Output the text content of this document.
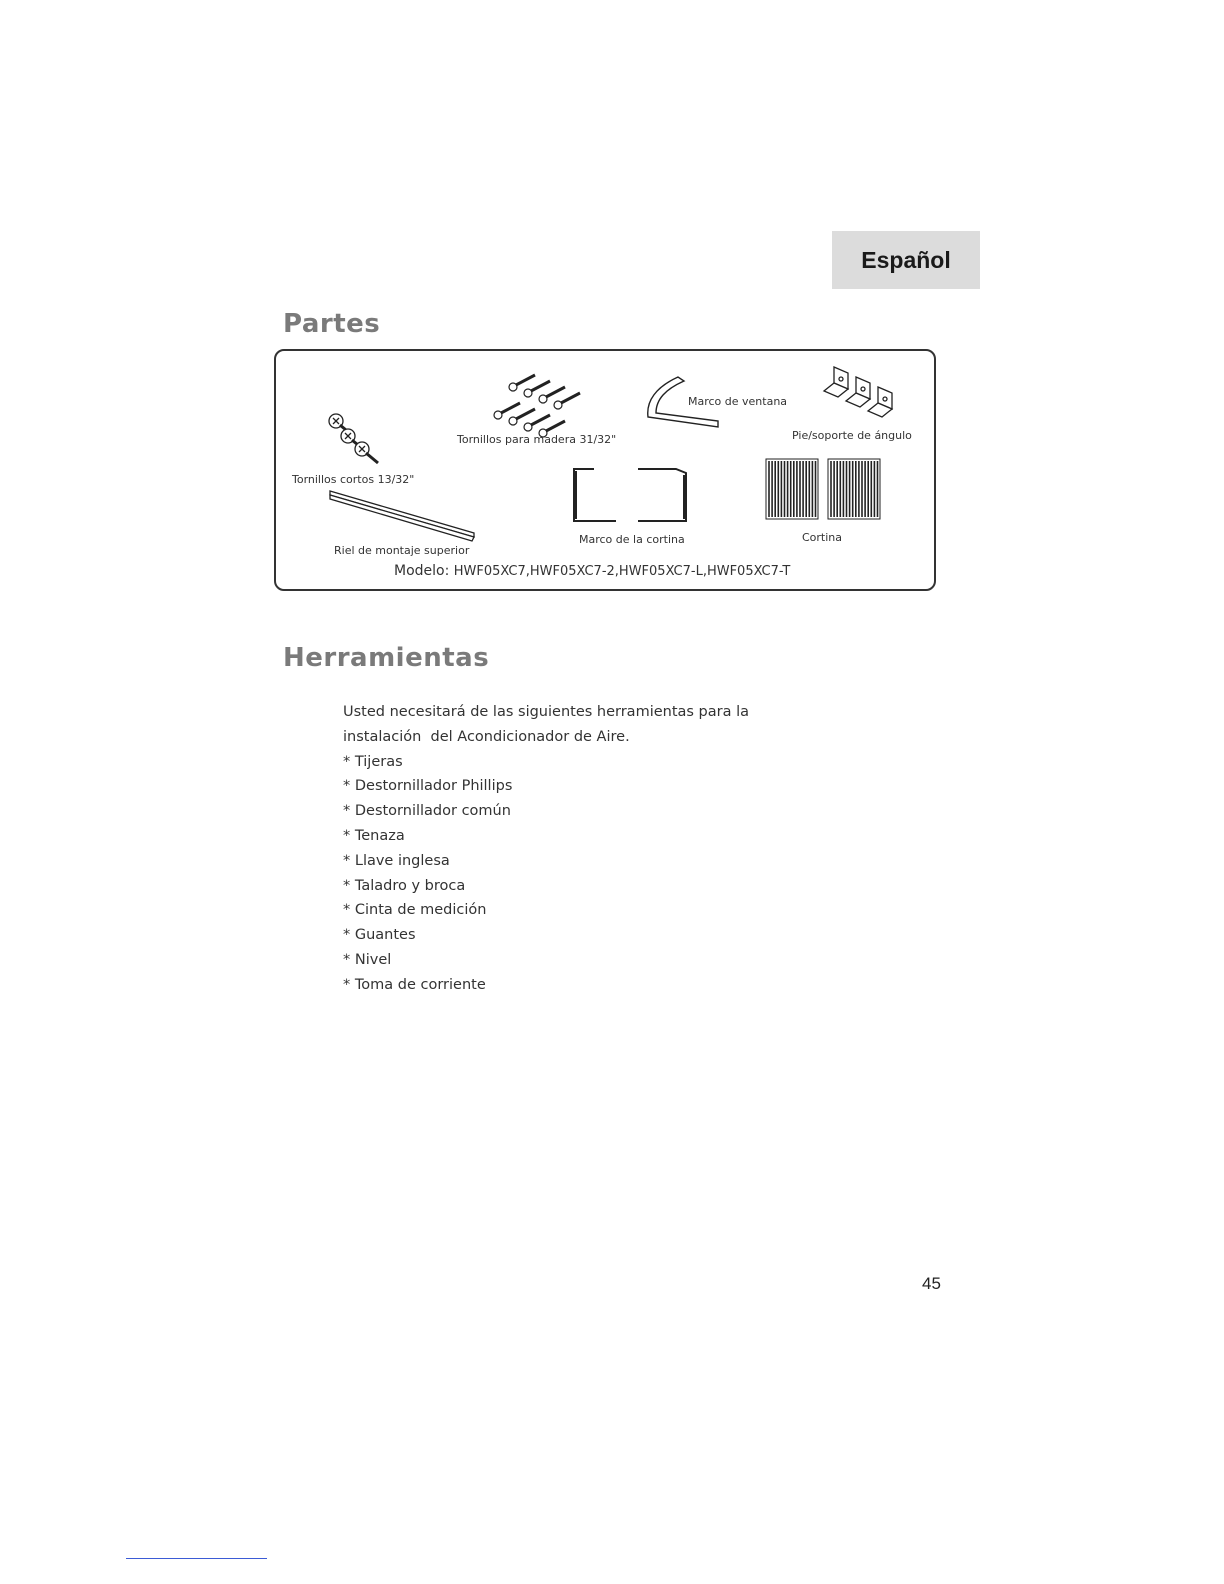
Español
Partes
Tornillos cortos 13/32"
Tornillos para madera 31/32"
Marco de ventana
Pie/soporte de ángulo
Riel de montaje superior
Marco de la cortina	Cortina
Modelo: HWF05XC7,HWF05XC7-2,HWF05XC7-L,HWF05XC7-T
Herramientas

Usted necesitará de las siguientes herramientas para la

instalación  del Acondicionador de Aire.

* Tijeras
* Destornillador Phillips
* Destornillador común
* Tenaza
* Llave inglesa
* Taladro y broca
* Cinta de medición
* Guantes
* Nivel
* Toma de corriente
45
